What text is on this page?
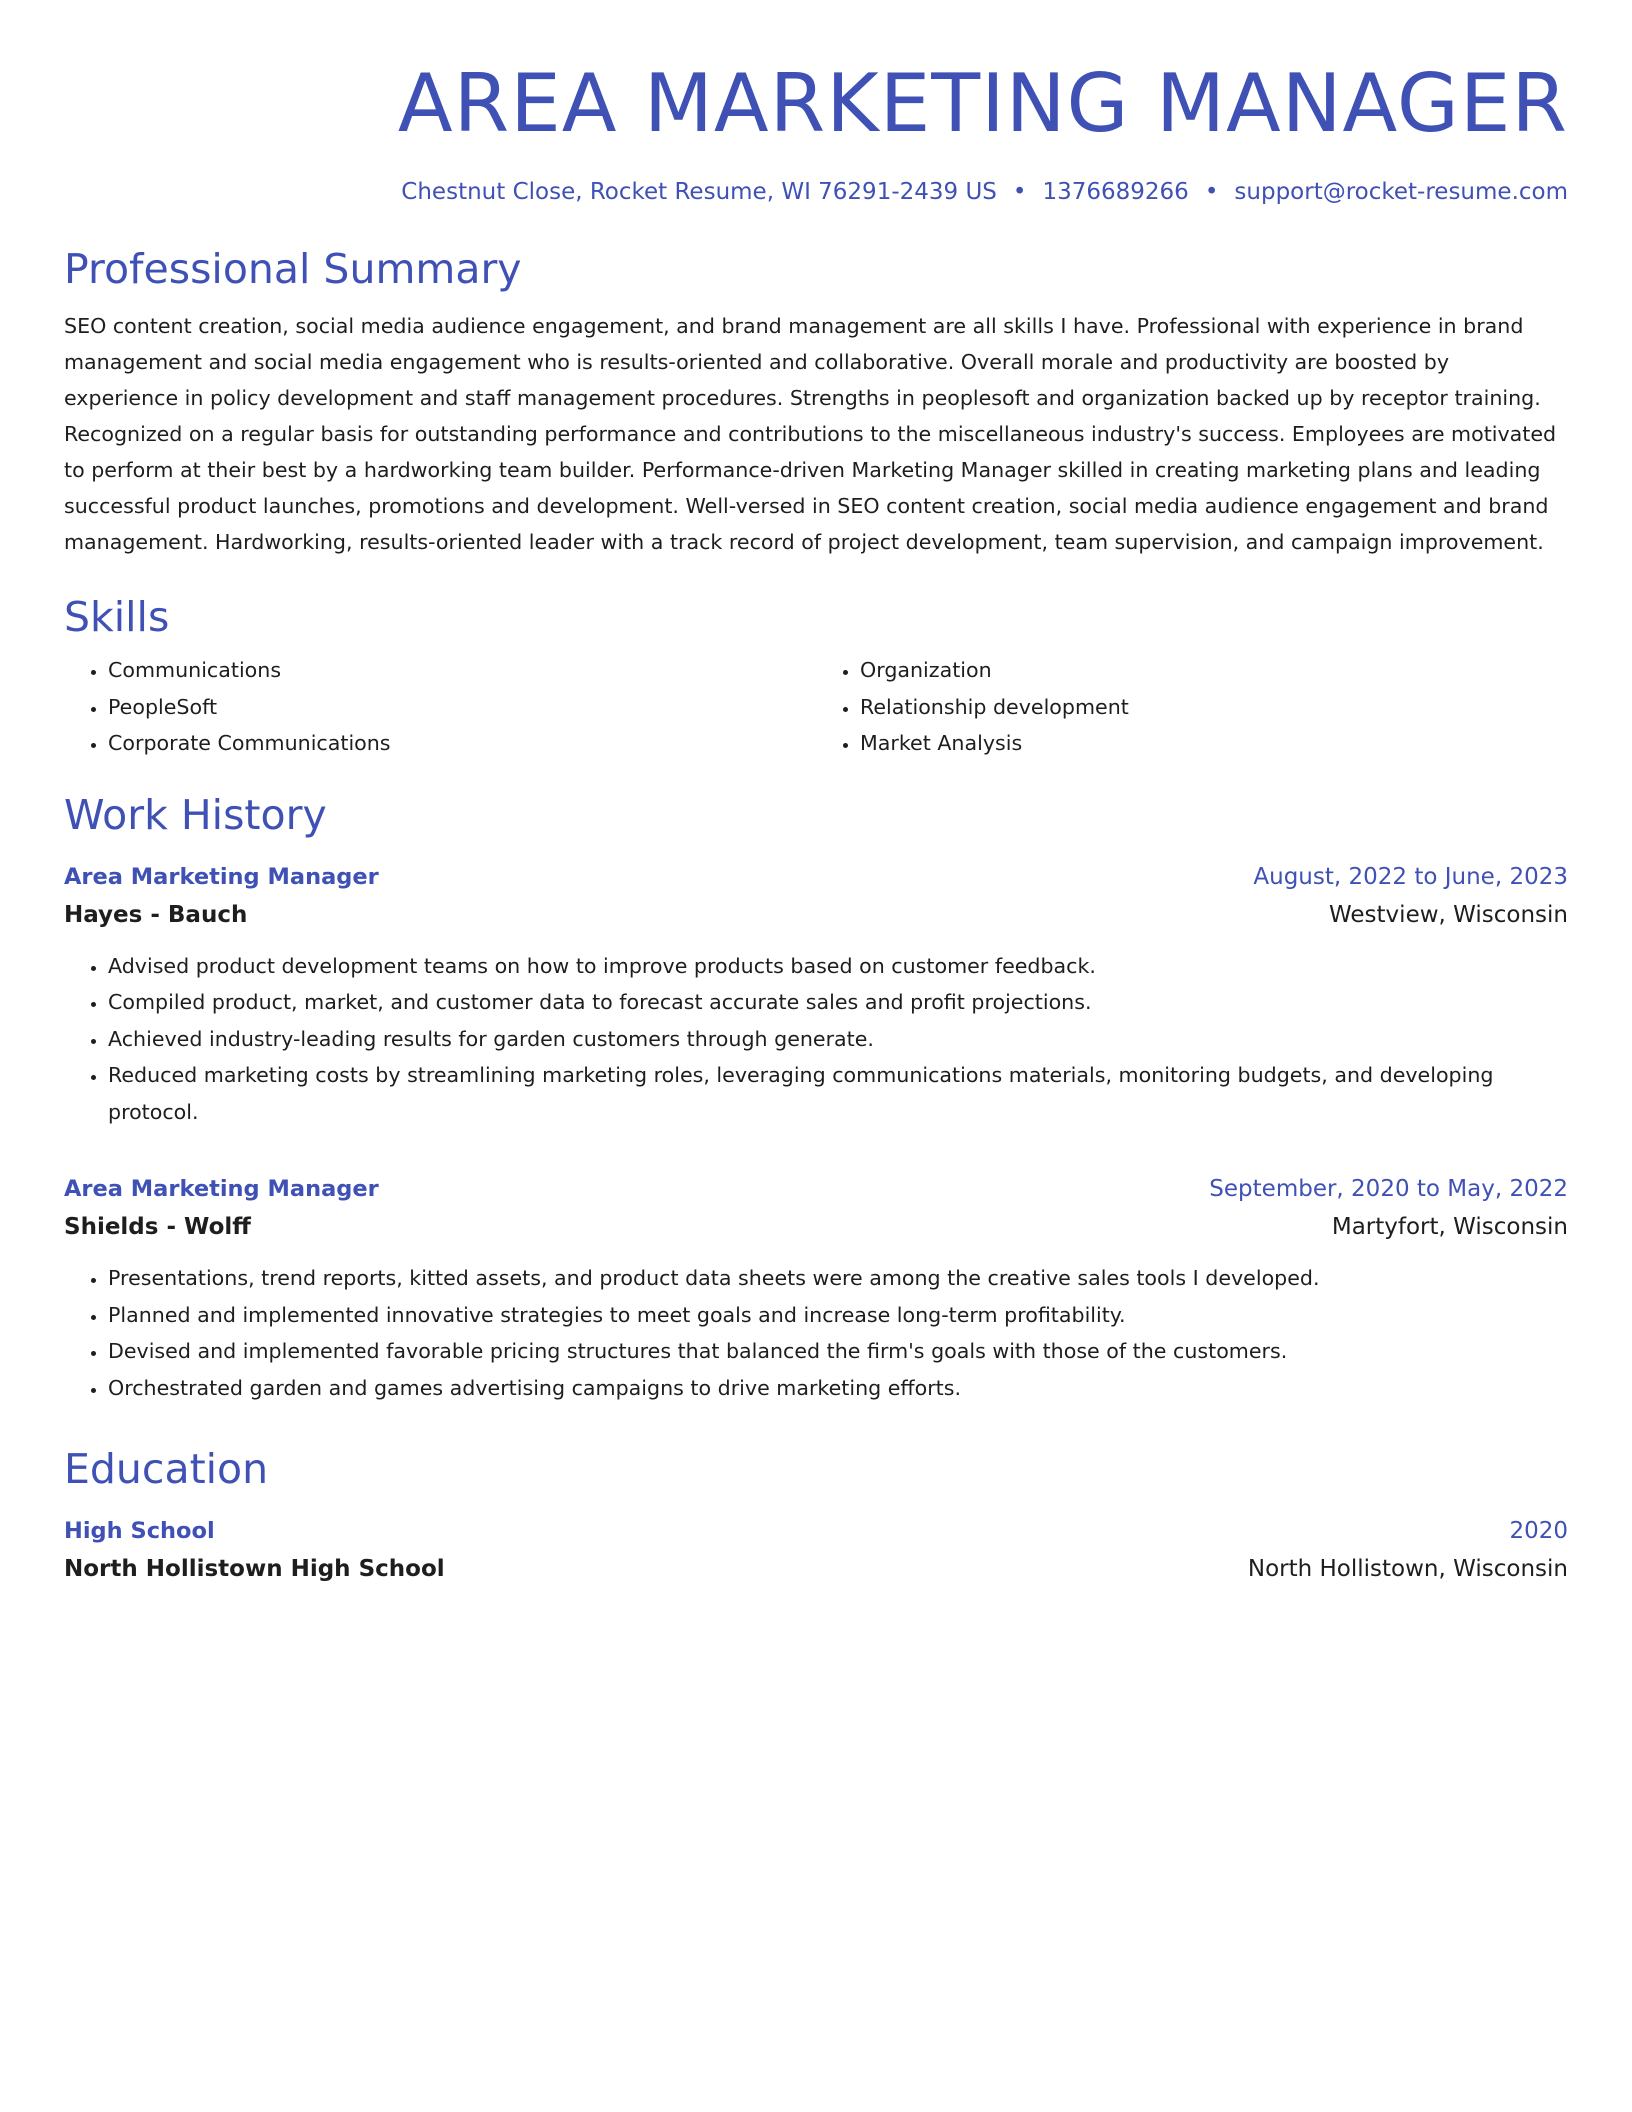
AREA MARKETING MANAGER
Chestnut Close, Rocket Resume, WI 76291-2439 US • 1376689266 • support@rocket-resume.com
Professional Summary

SEO content creation, social media audience engagement, and brand management are all skills I have. Professional with experience in brand management and social media engagement who is results-oriented and collaborative. Overall morale and productivity are boosted by experience in policy development and staff management procedures. Strengths in peoplesoft and organization backed up by receptor training. Recognized on a regular basis for outstanding performance and contributions to the miscellaneous industry's success. Employees are motivated to perform at their best by a hardworking team builder. Performance-driven Marketing Manager skilled in creating marketing plans and leading successful product launches, promotions and development. Well-versed in SEO content creation, social media audience engagement and brand management. Hardworking, results-oriented leader with a track record of project development, team supervision, and campaign improvement.

Skills
• Communications
• PeopleSoft
• Corporate Communications
• Organization
• Relationship development
• Market Analysis
Work History
Area Marketing Manager	August, 2022 to June, 2023
Hayes - Bauch	Westview, Wisconsin
• Advised product development teams on how to improve products based on customer feedback.
• Compiled product, market, and customer data to forecast accurate sales and profit projections.
• Achieved industry-leading results for garden customers through generate.
• Reduced marketing costs by streamlining marketing roles, leveraging communications materials, monitoring budgets, and developing protocol.
Area Marketing Manager	September, 2020 to May, 2022
Shields - Wolff	Martyfort, Wisconsin
• Presentations, trend reports, kitted assets, and product data sheets were among the creative sales tools I developed.
• Planned and implemented innovative strategies to meet goals and increase long-term profitability.
• Devised and implemented favorable pricing structures that balanced the firm's goals with those of the customers.
• Orchestrated garden and games advertising campaigns to drive marketing efforts.
Education
High School	2020
North Hollistown High School	North Hollistown, Wisconsin
